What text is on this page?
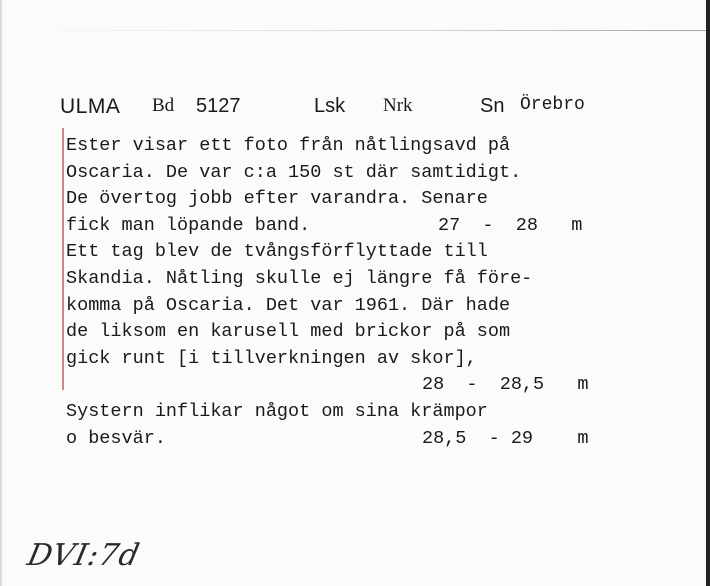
ULMA Bd 5127	Lsk Nrk	Sn Örebro

Ester visar ett foto från nåtlingsavd på

Oscaria. De var c:a 150 st där samtidigt.

De övertog jobb efter varandra. Senare

fick man löpande band.

	27  -  28   m

Ett tag blev de tvångsförflyttade till

Skandia. Nåtling skulle ej längre få före-

komma på Oscaria. Det var 1961. Där hade

de liksom en karusell med brickor på som

gick runt [i tillverkningen av skor],

28  -  28,5   m

Systern inflikar något om sina krämpor

o besvär.

	28,5  - 29    m

DVI:7d
